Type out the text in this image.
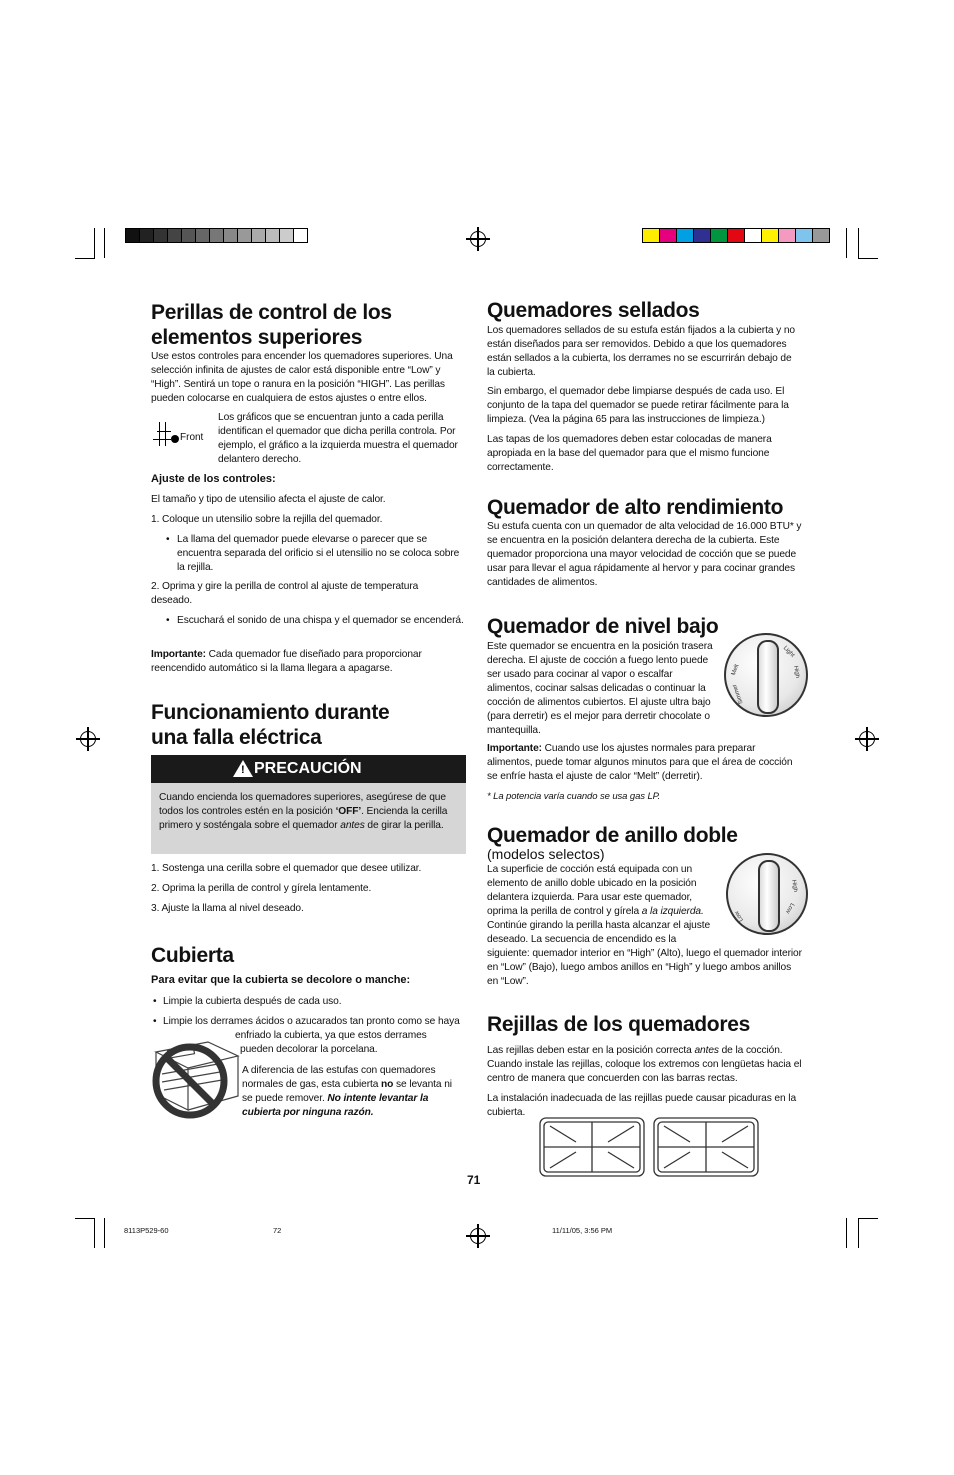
Perillas de control de los elementos superiores

Use estos controles para encender los quemadores superiores. Una selección infinita de ajustes de calor está disponible entre “Low” y “High”. Sentirá un tope o ranura en la posición “HIGH”. Las perillas pueden colocarse en cualquiera de estos ajustes o entre ellos.

Front

Los gráficos que se encuentran junto a cada perilla identifican el quemador que dicha perilla controla. Por ejemplo, el gráfico a la izquierda muestra el quemador delantero derecho.

Ajuste de los controles:

El tamaño y tipo de utensilio afecta el ajuste de calor.

1. Coloque un utensilio sobre la rejilla del quemador.

• La llama del quemador puede elevarse o parecer que se encuentra separada del orificio si el utensilio no se coloca sobre la rejilla.

2. Oprima y gire la perilla de control al ajuste de temperatura deseado.

• Escuchará el sonido de una chispa y el quemador se encenderá.

Importante: Cada quemador fue diseñado para proporcionar reencendido automático si la llama llegara a apagarse.

Funcionamiento durante una falla eléctrica
! PRECAUCIÓN

Cuando encienda los quemadores superiores, asegúrese de que todos los controles estén en la posición ‘OFF’. Encienda la cerilla primero y sosténgala sobre el quemador antes de girar la perilla.

1. Sostenga una cerilla sobre el quemador que desee utilizar.

2. Oprima la perilla de control y gírela lentamente.

3. Ajuste la llama al nivel deseado.

Cubierta

Para evitar que la cubierta se decolore o manche:

• Limpie la cubierta después de cada uso.

• Limpie los derrames ácidos o azucarados tan pronto como se haya

enfriado la cubierta, ya que estos derrames

pueden decolorar la porcelana.

A diferencia de las estufas con quemadores normales de gas, esta cubierta no se levanta ni se puede remover. No intente levantar la cubierta por ninguna razón.

Quemadores sellados

Los quemadores sellados de su estufa están fijados a la cubierta y no están diseñados para ser removidos. Debido a que los quemadores están sellados a la cubierta, los derrames no se escurrirán debajo de la cubierta.

Sin embargo, el quemador debe limpiarse después de cada uso. El conjunto de la tapa del quemador se puede retirar fácilmente para la limpieza. (Vea la página 65 para las instrucciones de limpieza.)

Las tapas de los quemadores deben estar colocadas de manera apropiada en la base del quemador para que el mismo funcione correctamente.

Quemador de alto rendimiento

Su estufa cuenta con un quemador de alta velocidad de 16.000 BTU* y se encuentra en la posición delantera derecha de la cubierta. Este quemador proporciona una mayor velocidad de cocción que se puede usar para llevar el agua rápidamente al hervor y para cocinar grandes cantidades de alimentos.

Quemador de nivel bajo

Este quemador se encuentra en la posición trasera derecha. El ajuste de cocción a fuego lento puede ser usado para cocinar al vapor o escalfar alimentos, cocinar salsas delicadas o continuar la cocción de alimentos cubiertos. El ajuste ultra bajo (para derretir) es el mejor para derretir chocolate o mantequilla.

Melt
Light
High
Simmer

Importante: Cuando use los ajustes normales para preparar alimentos, puede tomar algunos minutos para que el área de cocción se enfríe hasta el ajuste de calor “Melt” (derretir).

* La potencia varía cuando se usa gas LP.

Quemador de anillo doble

(modelos selectos)

La superficie de cocción está equipada con un elemento de anillo doble ubicado en la posición delantera izquierda. Para usar este quemador, oprima la perilla de control y gírela a la izquierda. Continúe girando la perilla hasta alcanzar el ajuste deseado. La secuencia de encendido es la siguiente: quemador interior en “High” (Alto), luego el quemador interior en “Low” (Bajo), luego ambos anillos en “High” y luego ambos anillos en “Low”.

High
Low
Low
Rejillas de los quemadores

Las rejillas deben estar en la posición correcta antes de la cocción. Cuando instale las rejillas, coloque los extremos con lengüetas hacia el centro de manera que concuerden con las barras rectas.

La instalación inadecuada de las rejillas puede causar picaduras en la cubierta.

71

8113P529-60	72	11/11/05, 3:56 PM
